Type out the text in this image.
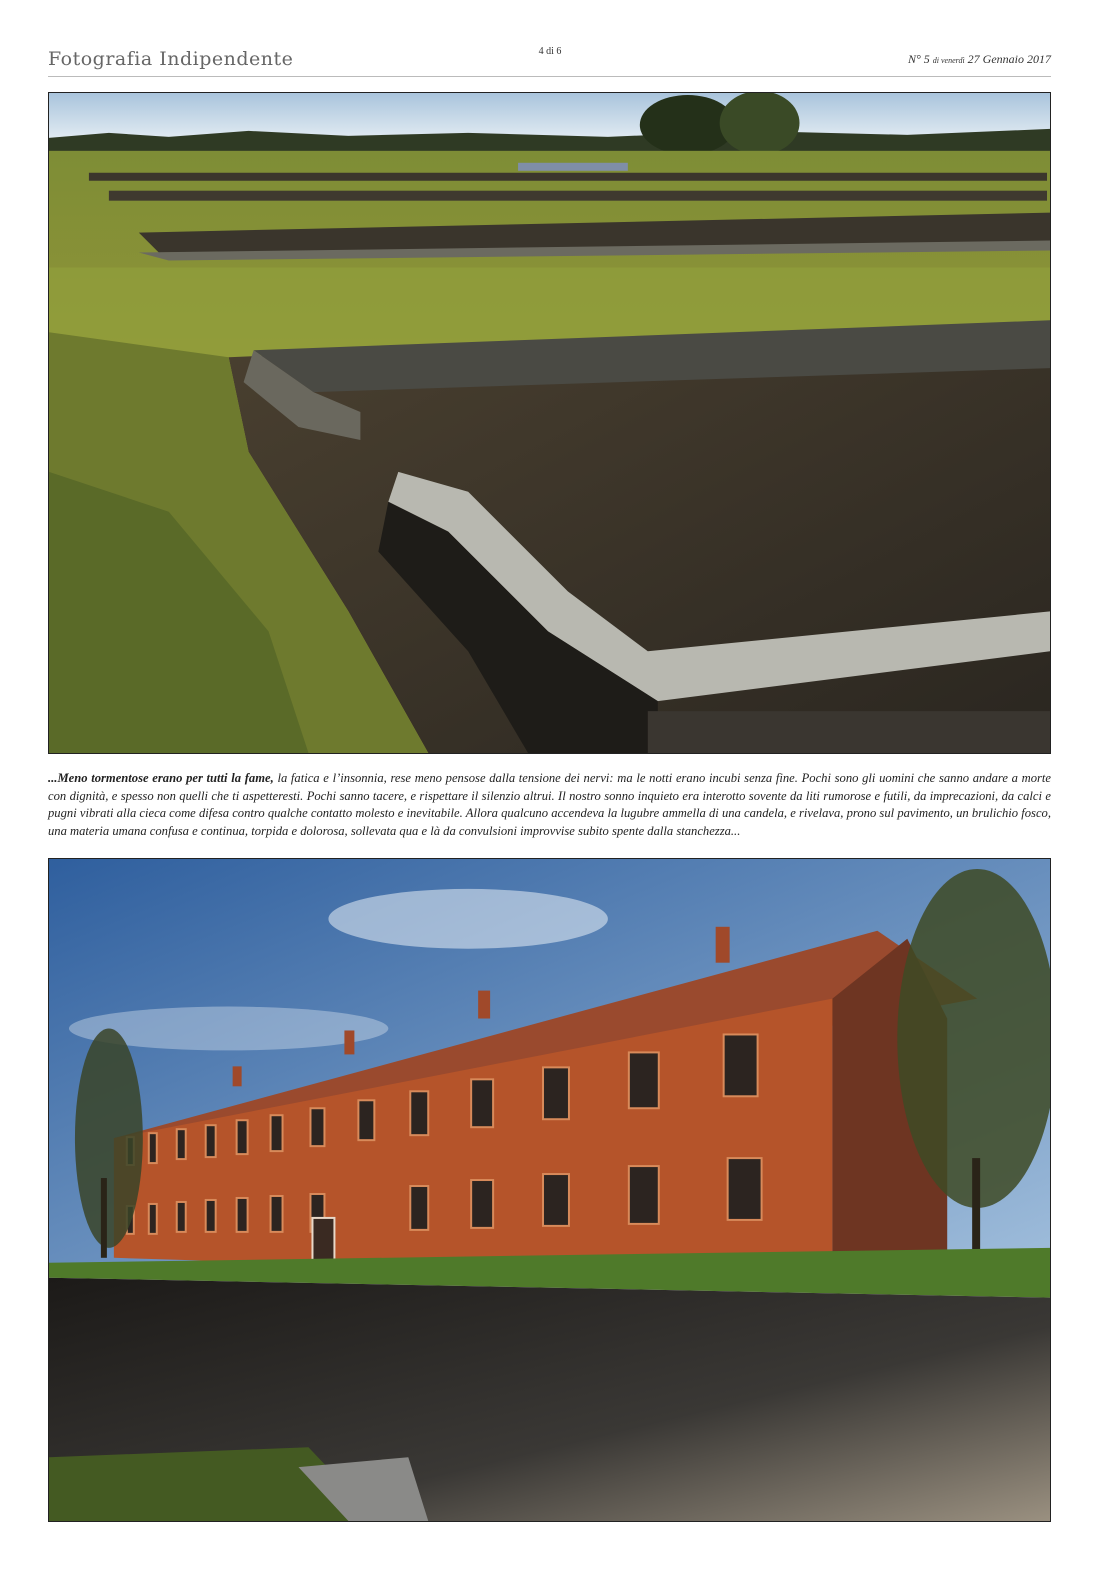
Fotografia Indipendente	4 di 6
N° 5 di venerdì 27 Gennaio 2017
...Meno tormentose erano per tutti la fame, la fatica e l’insonnia, rese meno pensose dalla tensione dei nervi: ma le notti erano incubi senza fine. Pochi sono gli uomini che sanno andare a morte con dignità, e spesso non quelli che ti aspetteresti. Pochi sanno tacere, e rispettare il silenzio altrui. Il nostro sonno inquieto era interotto sovente da liti rumorose e futili, da imprecazioni, da calci e pugni vibrati alla cieca come difesa contro qualche contatto molesto e inevitabile. Allora qualcuno accendeva la lugubre ammella di una candela, e rivelava, prono sul pavimento, un brulichio fosco, una materia umana confusa e continua, torpida e dolorosa, sollevata qua e là da convulsioni improvvise subito spente dalla stanchezza...
